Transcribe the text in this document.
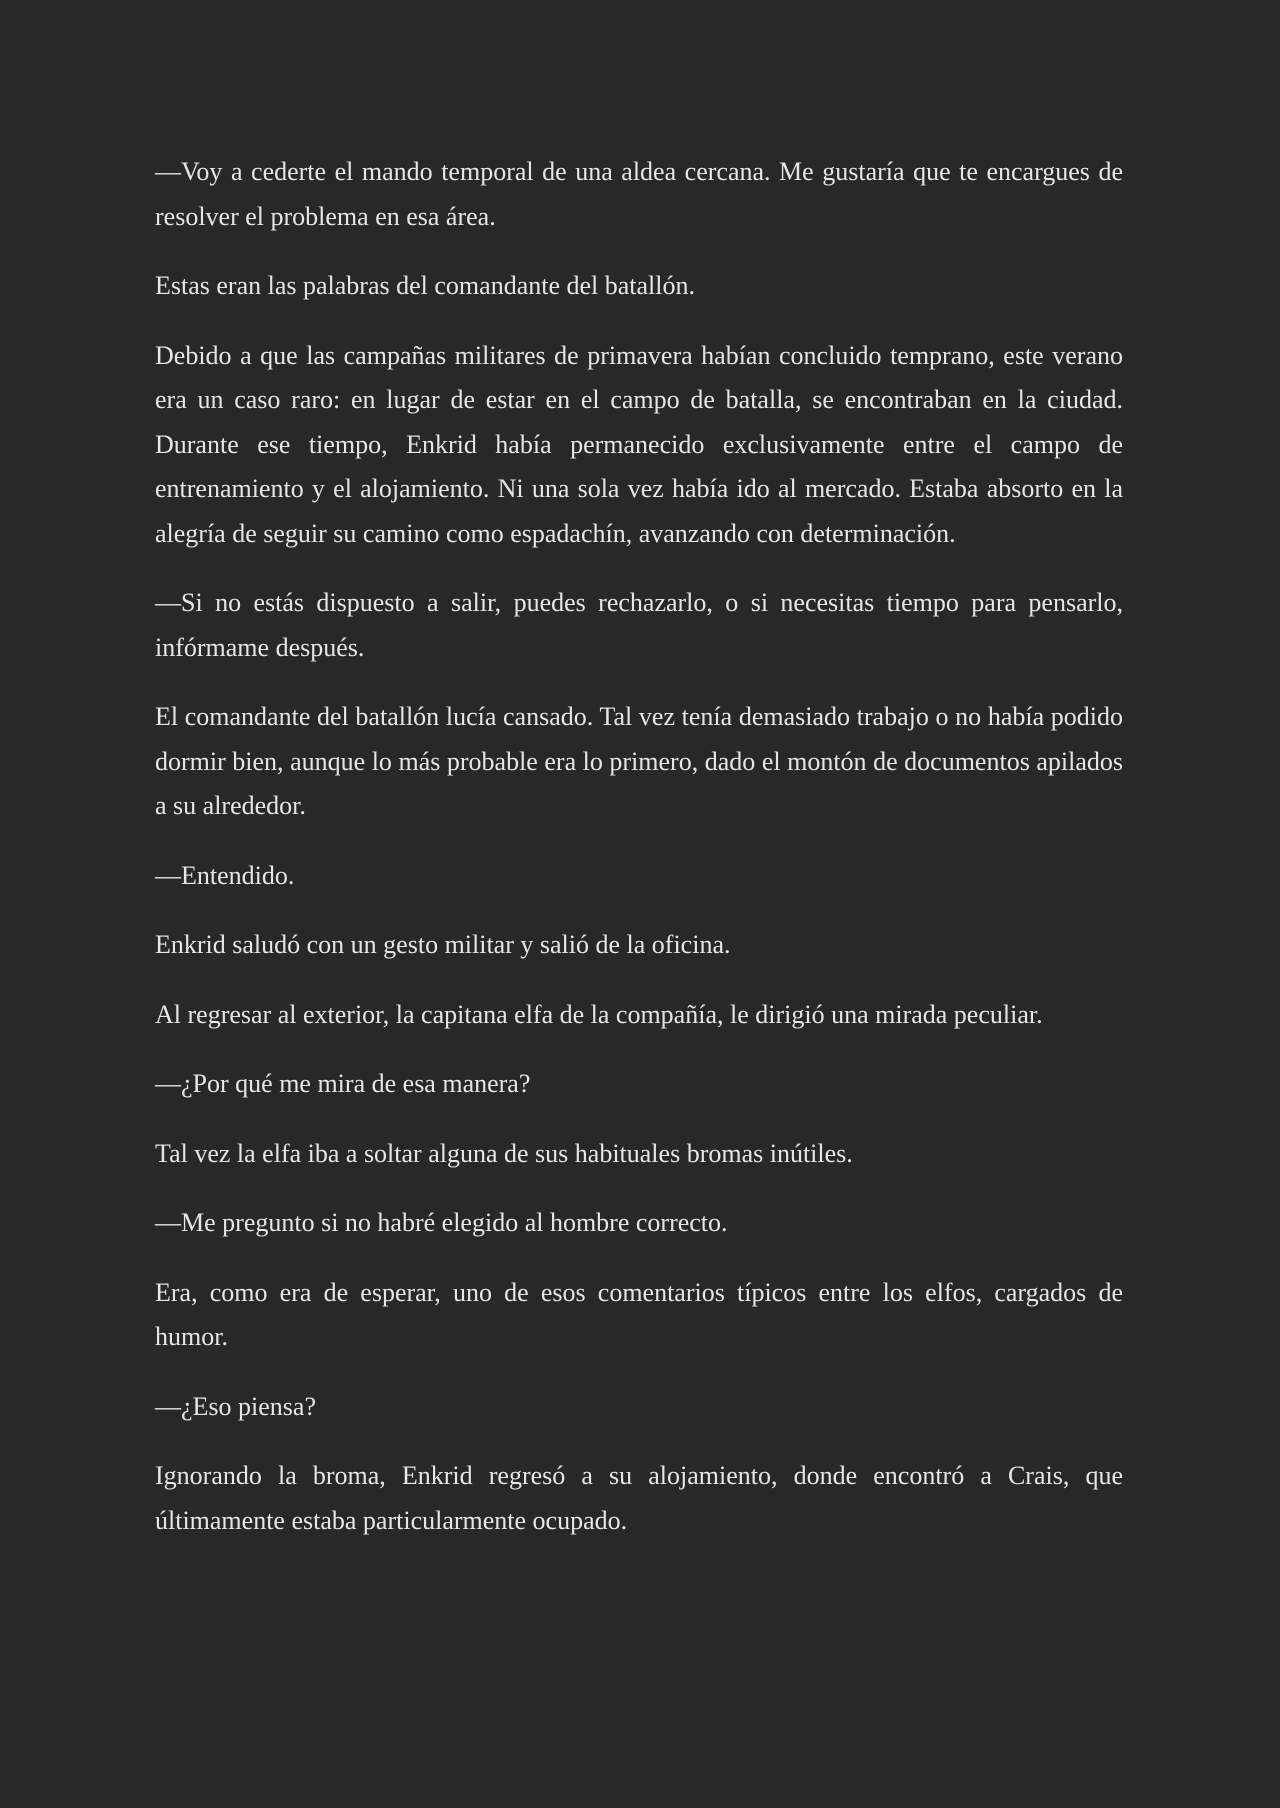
—Voy a cederte el mando temporal de una aldea cercana. Me gustaría que te encargues de resolver el problema en esa área.

Estas eran las palabras del comandante del batallón.

Debido a que las campañas militares de primavera habían concluido temprano, este verano era un caso raro: en lugar de estar en el campo de batalla, se encontraban en la ciudad. Durante ese tiempo, Enkrid había permanecido exclusivamente entre el campo de entrenamiento y el alojamiento. Ni una sola vez había ido al mercado. Estaba absorto en la alegría de seguir su camino como espadachín, avanzando con determinación.

—Si no estás dispuesto a salir, puedes rechazarlo, o si necesitas tiempo para pensarlo, infórmame después.

El comandante del batallón lucía cansado. Tal vez tenía demasiado trabajo o no había podido dormir bien, aunque lo más probable era lo primero, dado el montón de documentos apilados a su alrededor.

—Entendido.

Enkrid saludó con un gesto militar y salió de la oficina.

Al regresar al exterior, la capitana elfa de la compañía, le dirigió una mirada peculiar.

—¿Por qué me mira de esa manera?

Tal vez la elfa iba a soltar alguna de sus habituales bromas inútiles.

—Me pregunto si no habré elegido al hombre correcto.

Era, como era de esperar, uno de esos comentarios típicos entre los elfos, cargados de humor.

—¿Eso piensa?

Ignorando la broma, Enkrid regresó a su alojamiento, donde encontró a Crais, que últimamente estaba particularmente ocupado.
